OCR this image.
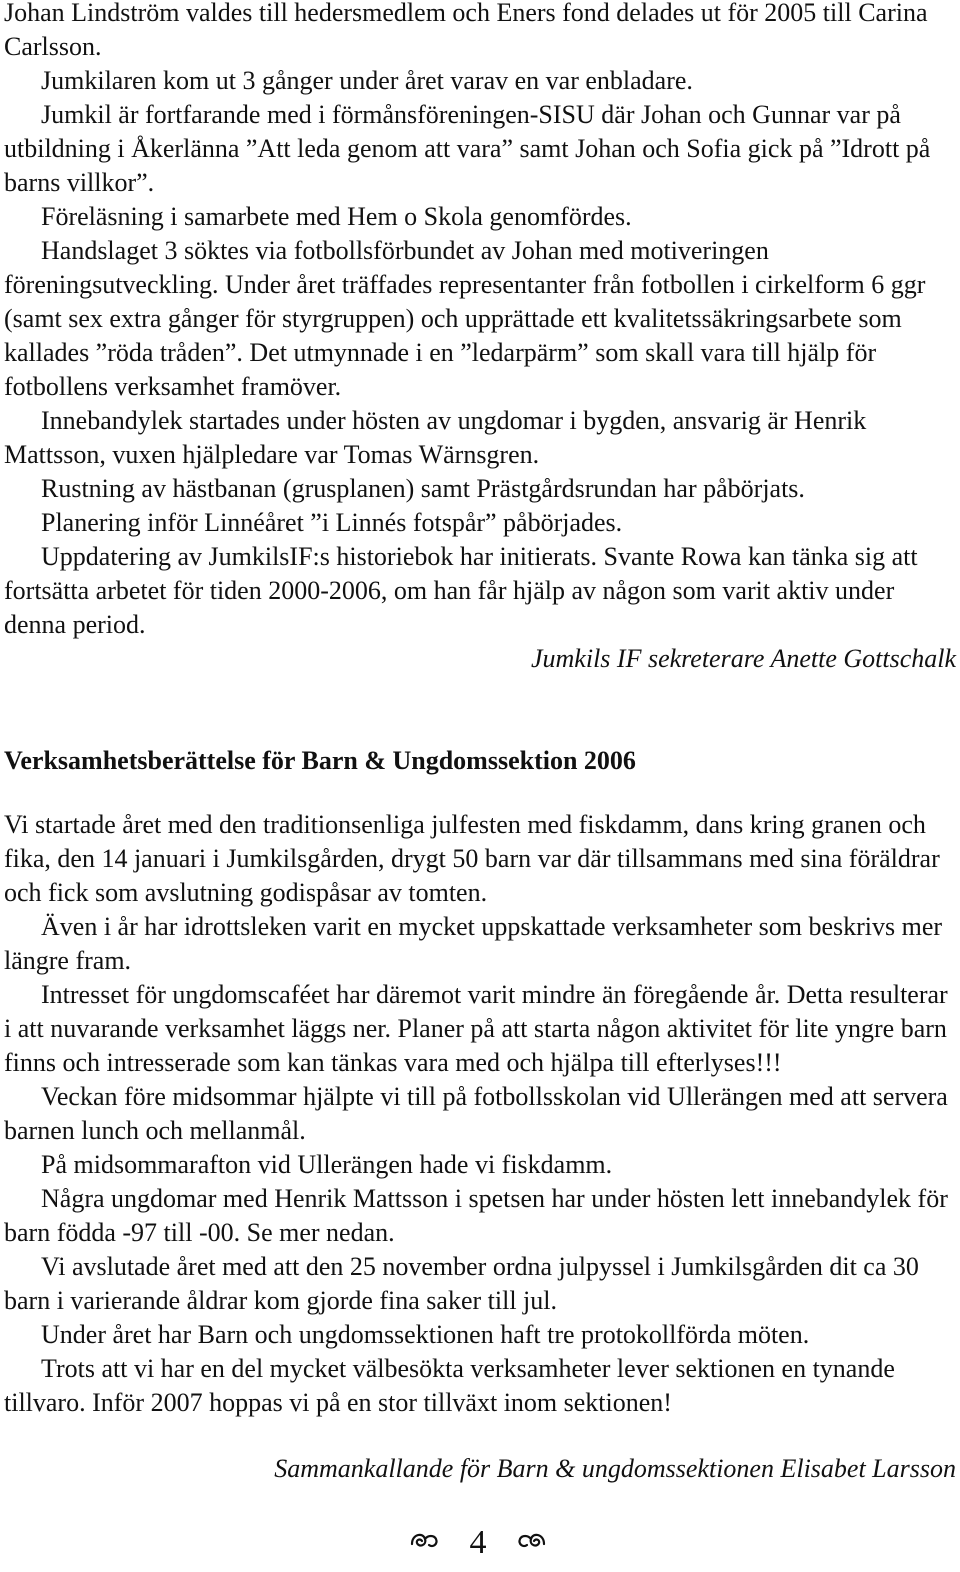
Johan Lindström valdes till hedersmedlem och Eners fond delades ut för 2005 till Carina Carlsson.

Jumkilaren kom ut 3 gånger under året varav en var enbladare.

Jumkil är fortfarande med i förmånsföreningen-SISU där Johan och Gunnar var på utbildning i Åkerlänna ”Att leda genom att vara” samt Johan och Sofia gick på ”Idrott på barns villkor”.

Föreläsning i samarbete med Hem o Skola genomfördes.

Handslaget 3 söktes via fotbollsförbundet av Johan med motiveringen föreningsutveckling. Under året träffades representanter från fotbollen i cirkelform 6 ggr (samt sex extra gånger för styrgruppen) och upprättade ett kvalitetssäkringsarbete som kallades ”röda tråden”. Det utmynnade i en ”ledarpärm” som skall vara till hjälp för fotbollens verksamhet framöver.

Innebandylek startades under hösten av ungdomar i bygden, ansvarig är Henrik Mattsson, vuxen hjälpledare var Tomas Wärnsgren.

Rustning av hästbanan (grusplanen) samt Prästgårdsrundan har påbörjats.

Planering inför Linnéåret ”i Linnés fotspår” påbörjades.

Uppdatering av JumkilsIF:s historiebok har initierats. Svante Rowa kan tänka sig att fortsätta arbetet för tiden 2000-2006, om han får hjälp av någon som varit aktiv under denna period.

Jumkils IF sekreterare Anette Gottschalk
Verksamhetsberättelse för Barn & Ungdomssektion 2006

Vi startade året med den traditionsenliga julfesten med fiskdamm, dans kring granen och fika, den 14 januari i Jumkilsgården, drygt 50 barn var där tillsammans med sina föräldrar och fick som avslutning godispåsar av tomten.

Även i år har idrottsleken varit en mycket uppskattade verksamheter som beskrivs mer längre fram.

Intresset för ungdomscaféet har däremot varit mindre än föregående år. Detta resulterar i att nuvarande verksamhet läggs ner. Planer på att starta någon aktivitet för lite yngre barn finns och intresserade som kan tänkas vara med och hjälpa till efterlyses!!!

Veckan före midsommar hjälpte vi till på fotbollsskolan vid Ullerängen med att servera barnen lunch och mellanmål.

På midsommarafton vid Ullerängen hade vi fiskdamm.

Några ungdomar med Henrik Mattsson i spetsen har under hösten lett innebandylek för barn födda -97 till -00. Se mer nedan.

Vi avslutade året med att den 25 november ordna julpyssel i Jumkilsgården dit ca 30 barn i varierande åldrar kom gjorde fina saker till jul.

Under året har Barn och ungdomssektionen haft tre protokollförda möten.

Trots att vi har en del mycket välbesökta verksamheter lever sektionen en tynande tillvaro. Inför 2007 hoppas vi på en stor tillväxt inom sektionen!

Sammankallande för Barn & ungdomssektionen Elisabet Larsson
4
